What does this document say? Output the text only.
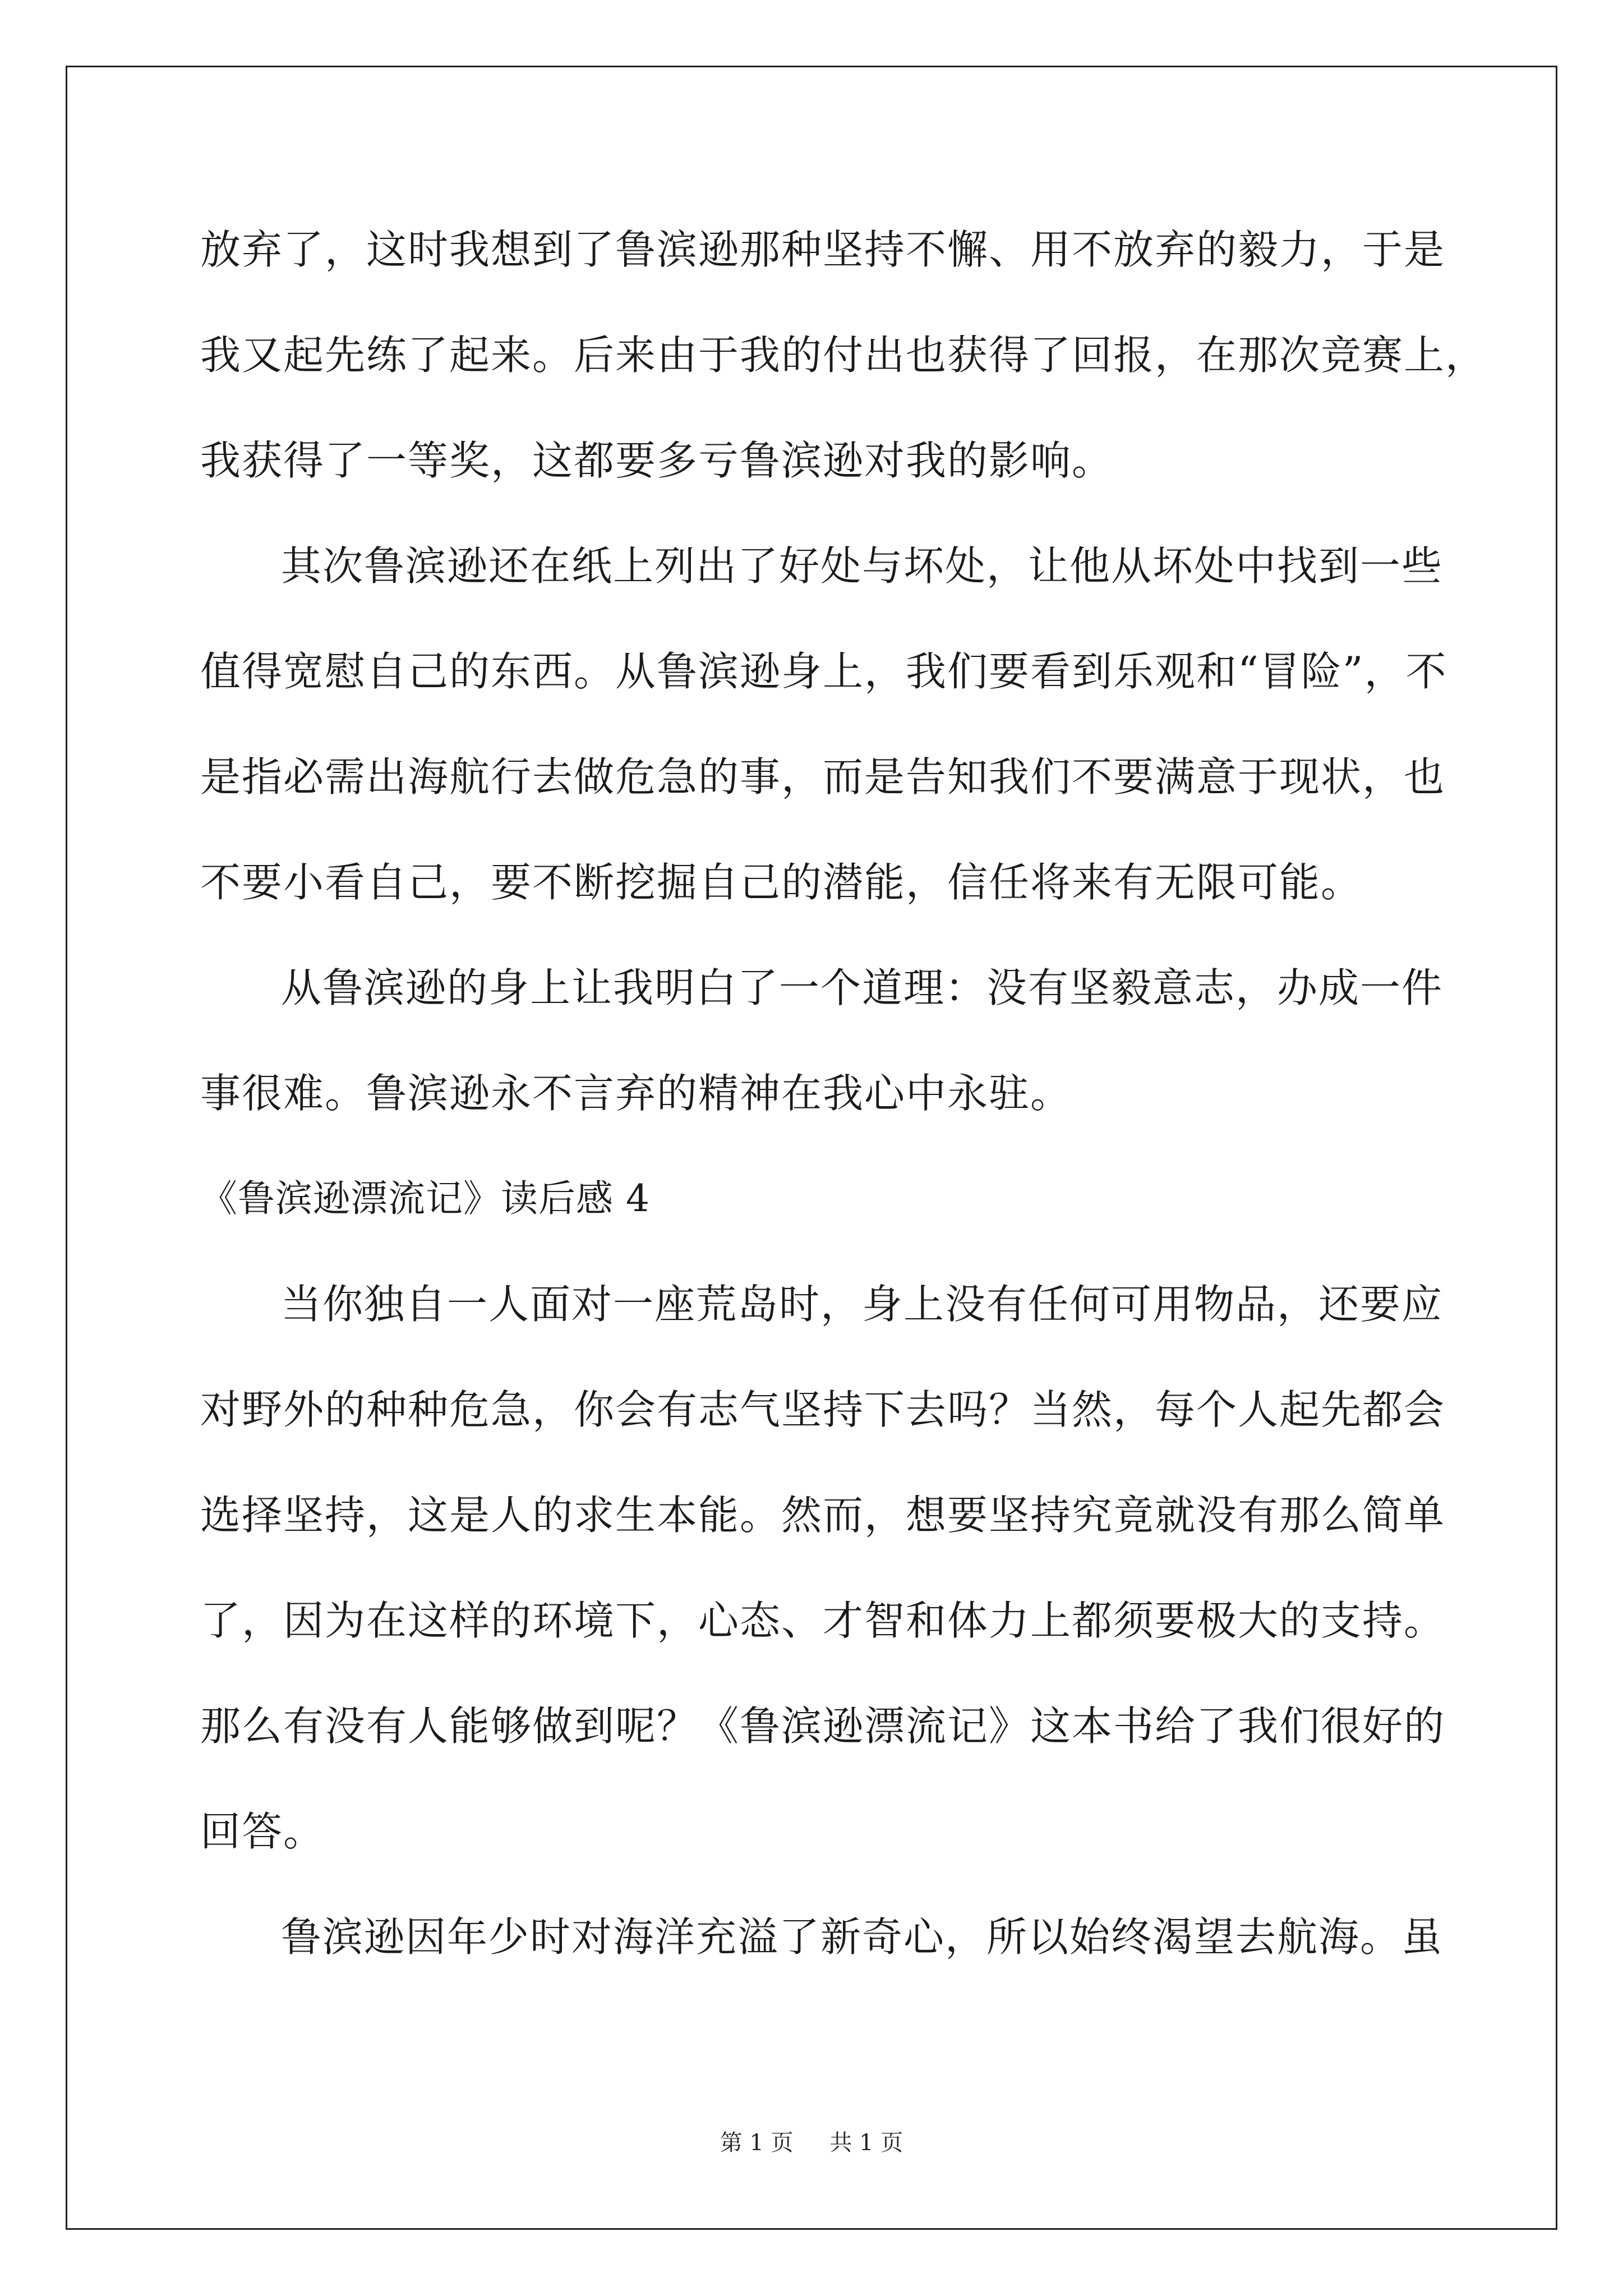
放弃了，这时我想到了鲁滨逊那种坚持不懈、用不放弃的毅力，于是
我又起先练了起来。后来由于我的付出也获得了回报，在那次竞赛上，
我获得了一等奖，这都要多亏鲁滨逊对我的影响。
其次鲁滨逊还在纸上列出了好处与坏处，让他从坏处中找到一些
值得宽慰自己的东西。从鲁滨逊身上，我们要看到乐观和“冒险”，不
是指必需出海航行去做危急的事，而是告知我们不要满意于现状，也
不要小看自己，要不断挖掘自己的潜能，信任将来有无限可能。
从鲁滨逊的身上让我明白了一个道理：没有坚毅意志，办成一件
事很难。鲁滨逊永不言弃的精神在我心中永驻。
《鲁滨逊漂流记》读后感 4
当你独自一人面对一座荒岛时，身上没有任何可用物品，还要应
对野外的种种危急，你会有志气坚持下去吗？当然，每个人起先都会
选择坚持，这是人的求生本能。然而，想要坚持究竟就没有那么简单
了，因为在这样的环境下，心态、才智和体力上都须要极大的支持。
那么有没有人能够做到呢？《鲁滨逊漂流记》这本书给了我们很好的
回答。
鲁滨逊因年少时对海洋充溢了新奇心，所以始终渴望去航海。虽
第 1 页 共 1 页
